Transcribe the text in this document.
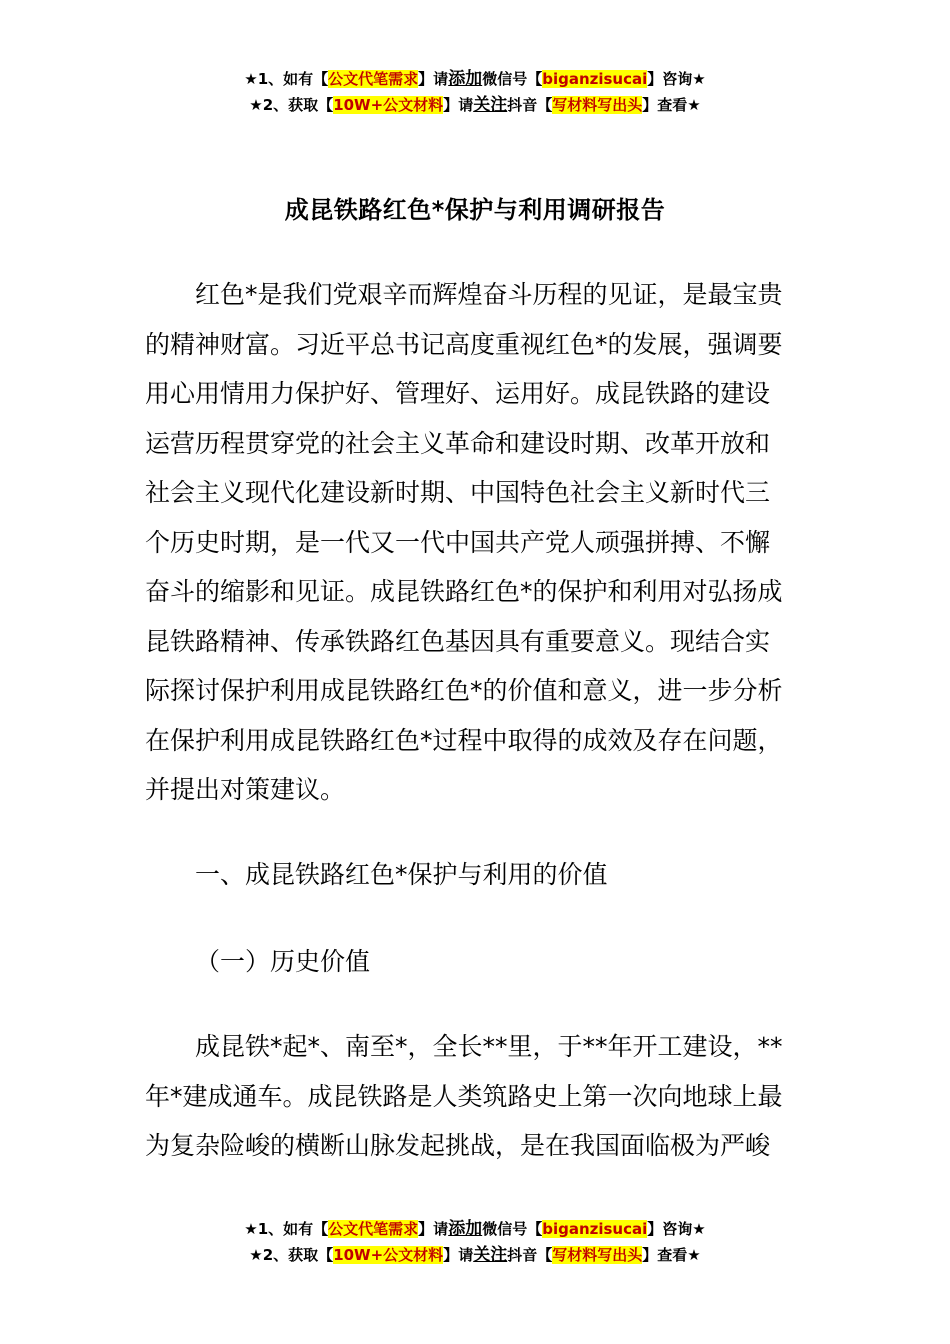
★1、如有【公文代笔需求】请添加微信号【biganzisucai】咨询★
★2、获取【10W+公文材料】请关注抖音【写材料写出头】查看★
成昆铁路红色*保护与利用调研报告
红色*是我们党艰辛而辉煌奋斗历程的见证，是最宝贵
的精神财富。习近平总书记高度重视红色*的发展，强调要
用心用情用力保护好、管理好、运用好。成昆铁路的建设
运营历程贯穿党的社会主义革命和建设时期、改革开放和
社会主义现代化建设新时期、中国特色社会主义新时代三
个历史时期，是一代又一代中国共产党人顽强拼搏、不懈
奋斗的缩影和见证。成昆铁路红色*的保护和利用对弘扬成
昆铁路精神、传承铁路红色基因具有重要意义。现结合实
际探讨保护利用成昆铁路红色*的价值和意义，进一步分析
在保护利用成昆铁路红色*过程中取得的成效及存在问题，
并提出对策建议。
一、成昆铁路红色*保护与利用的价值
（一）历史价值
成昆铁*起*、南至*，全长**里，于**年开工建设，**
年*建成通车。成昆铁路是人类筑路史上第一次向地球上最
为复杂险峻的横断山脉发起挑战，是在我国面临极为严峻
★1、如有【公文代笔需求】请添加微信号【biganzisucai】咨询★
★2、获取【10W+公文材料】请关注抖音【写材料写出头】查看★
